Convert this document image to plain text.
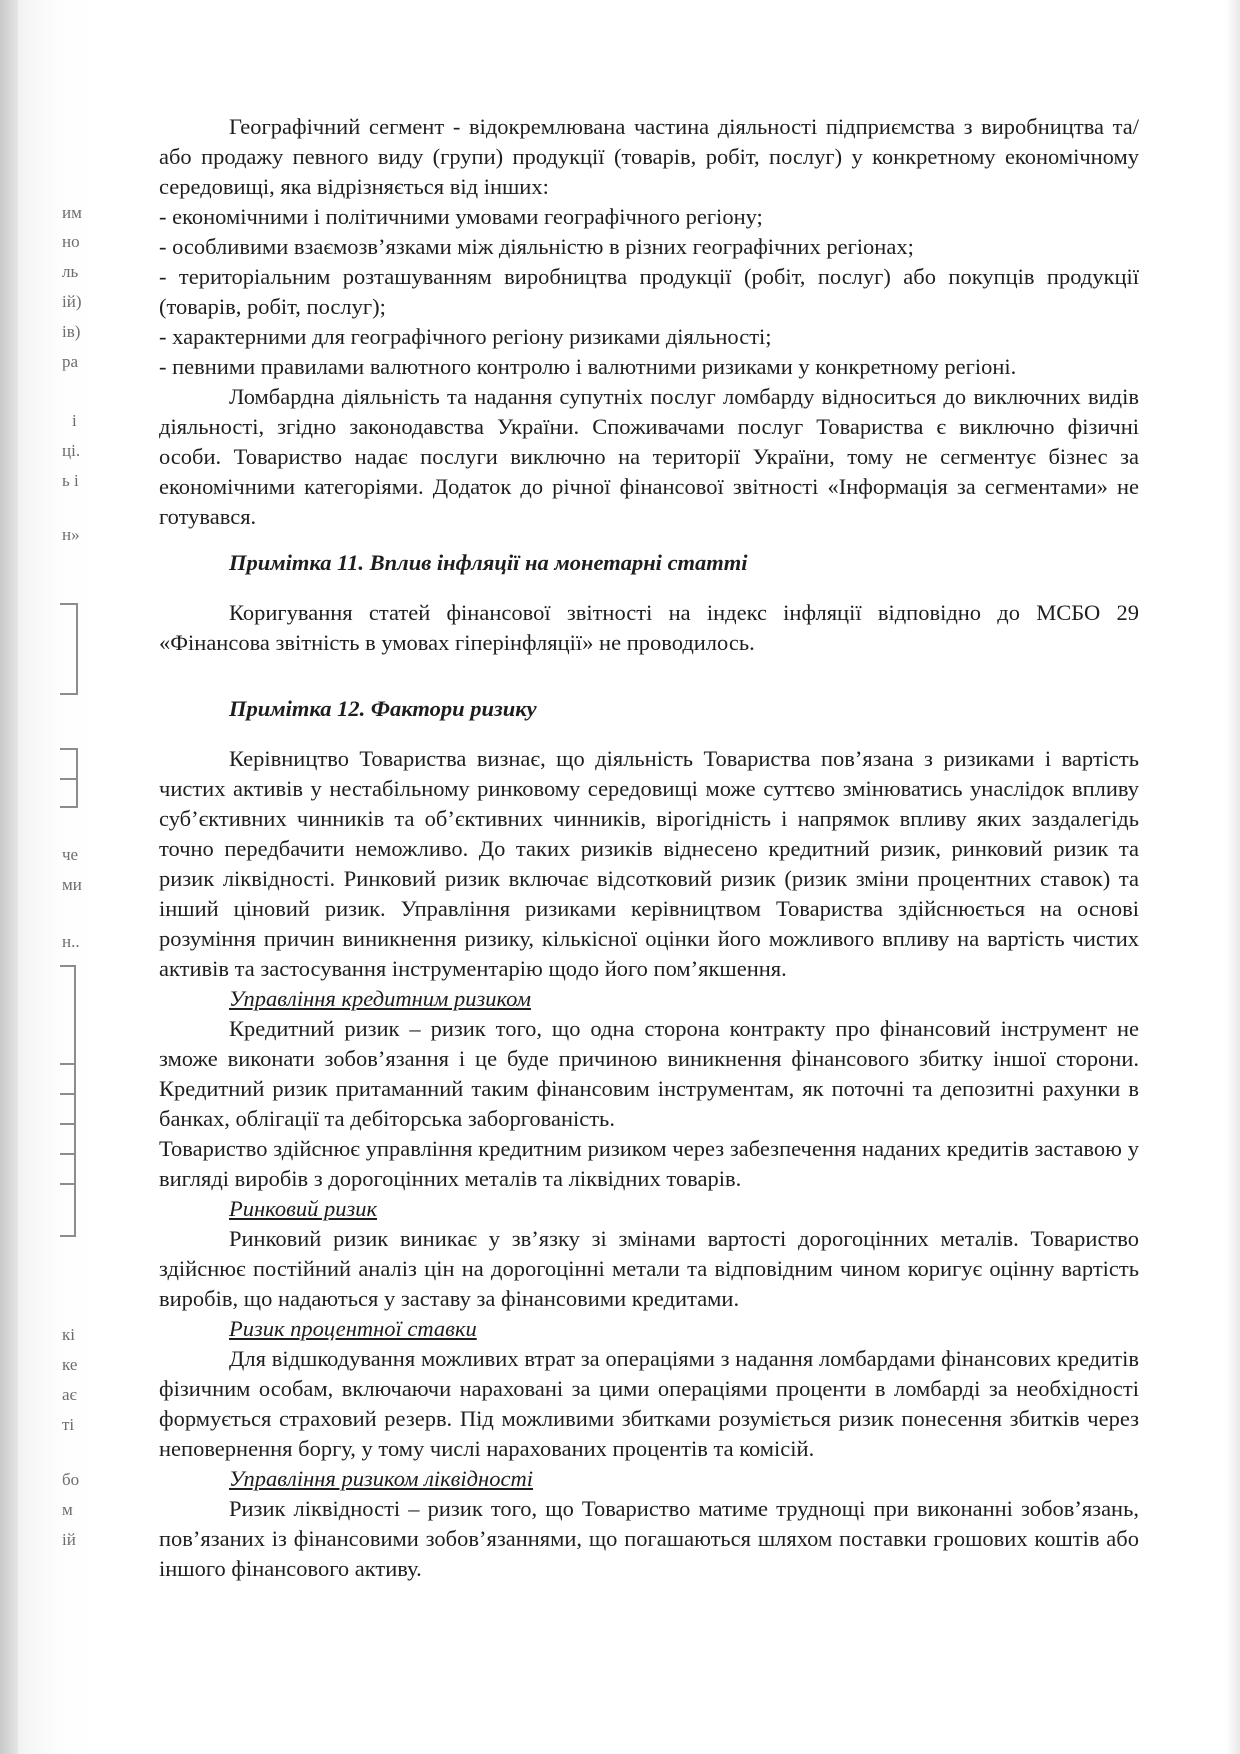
им
но
ль
ій)
ів)
ра
і
ці.
ь і
н»
че
ми
н..
кі
ке
ає
ті
бо
м
ій

Географічний сегмент - відокремлювана частина діяльності підприємства з виробництва та/або продажу певного виду (групи) продукції (товарів, робіт, послуг) у конкретному економічному середовищі, яка відрізняється від інших:

- економічними і політичними умовами географічного регіону;

- особливими взаємозв’язками між діяльністю в різних географічних регіонах;

- територіальним розташуванням виробництва продукції (робіт, послуг) або покупців продукції (товарів, робіт, послуг);

- характерними для географічного регіону ризиками діяльності;

- певними правилами валютного контролю і валютними ризиками у конкретному регіоні.

Ломбардна діяльність та надання супутніх послуг ломбарду відноситься до виключних видів діяльності, згідно законодавства України. Споживачами послуг Товариства є виключно фізичні особи. Товариство надає послуги виключно на території України, тому не сегментує бізнес за економічними категоріями. Додаток до річної фінансової звітності «Інформація за сегментами» не готувався.

Примітка 11. Вплив інфляції на монетарні статті

Коригування статей фінансової звітності на індекс інфляції відповідно до МСБО 29 «Фінансова звітність в умовах гіперінфляції» не проводилось.

Примітка 12. Фактори ризику

Керівництво Товариства визнає, що діяльність Товариства пов’язана з ризиками і вартість чистих активів у нестабільному ринковому середовищі може суттєво змінюватись унаслідок впливу суб’єктивних чинників та об’єктивних чинників, вірогідність і напрямок впливу яких заздалегідь точно передбачити неможливо. До таких ризиків віднесено кредитний ризик, ринковий ризик та ризик ліквідності. Ринковий ризик включає відсотковий ризик (ризик зміни процентних ставок) та інший ціновий ризик. Управління ризиками керівництвом Товариства здійснюється на основі розуміння причин виникнення ризику, кількісної оцінки його можливого впливу на вартість чистих активів та застосування інструментарію щодо його пом’якшення.

Управління кредитним ризиком

Кредитний ризик – ризик того, що одна сторона контракту про фінансовий інструмент не зможе виконати зобов’язання і це буде причиною виникнення фінансового збитку іншої сторони. Кредитний ризик притаманний таким фінансовим інструментам, як поточні та депозитні рахунки в банках, облігації та дебіторська заборгованість.

Товариство здійснює управління кредитним ризиком через забезпечення наданих кредитів заставою у вигляді виробів з дорогоцінних металів та ліквідних товарів.

Ринковий ризик

Ринковий ризик виникає у зв’язку зі змінами вартості дорогоцінних металів. Товариство здійснює постійний аналіз цін на дорогоцінні метали та відповідним чином коригує оцінну вартість виробів, що надаються у заставу за фінансовими кредитами.

Ризик процентної ставки

Для відшкодування можливих втрат за операціями з надання ломбардами фінансових кредитів фізичним особам, включаючи нараховані за цими операціями проценти в ломбарді за необхідності формується страховий резерв. Під можливими збитками розуміється ризик понесення збитків через неповернення боргу, у тому числі нарахованих процентів та комісій.

Управління ризиком ліквідності

Ризик ліквідності – ризик того, що Товариство матиме труднощі при виконанні зобов’язань, пов’язаних із фінансовими зобов’язаннями, що погашаються шляхом поставки грошових коштів або іншого фінансового активу.
